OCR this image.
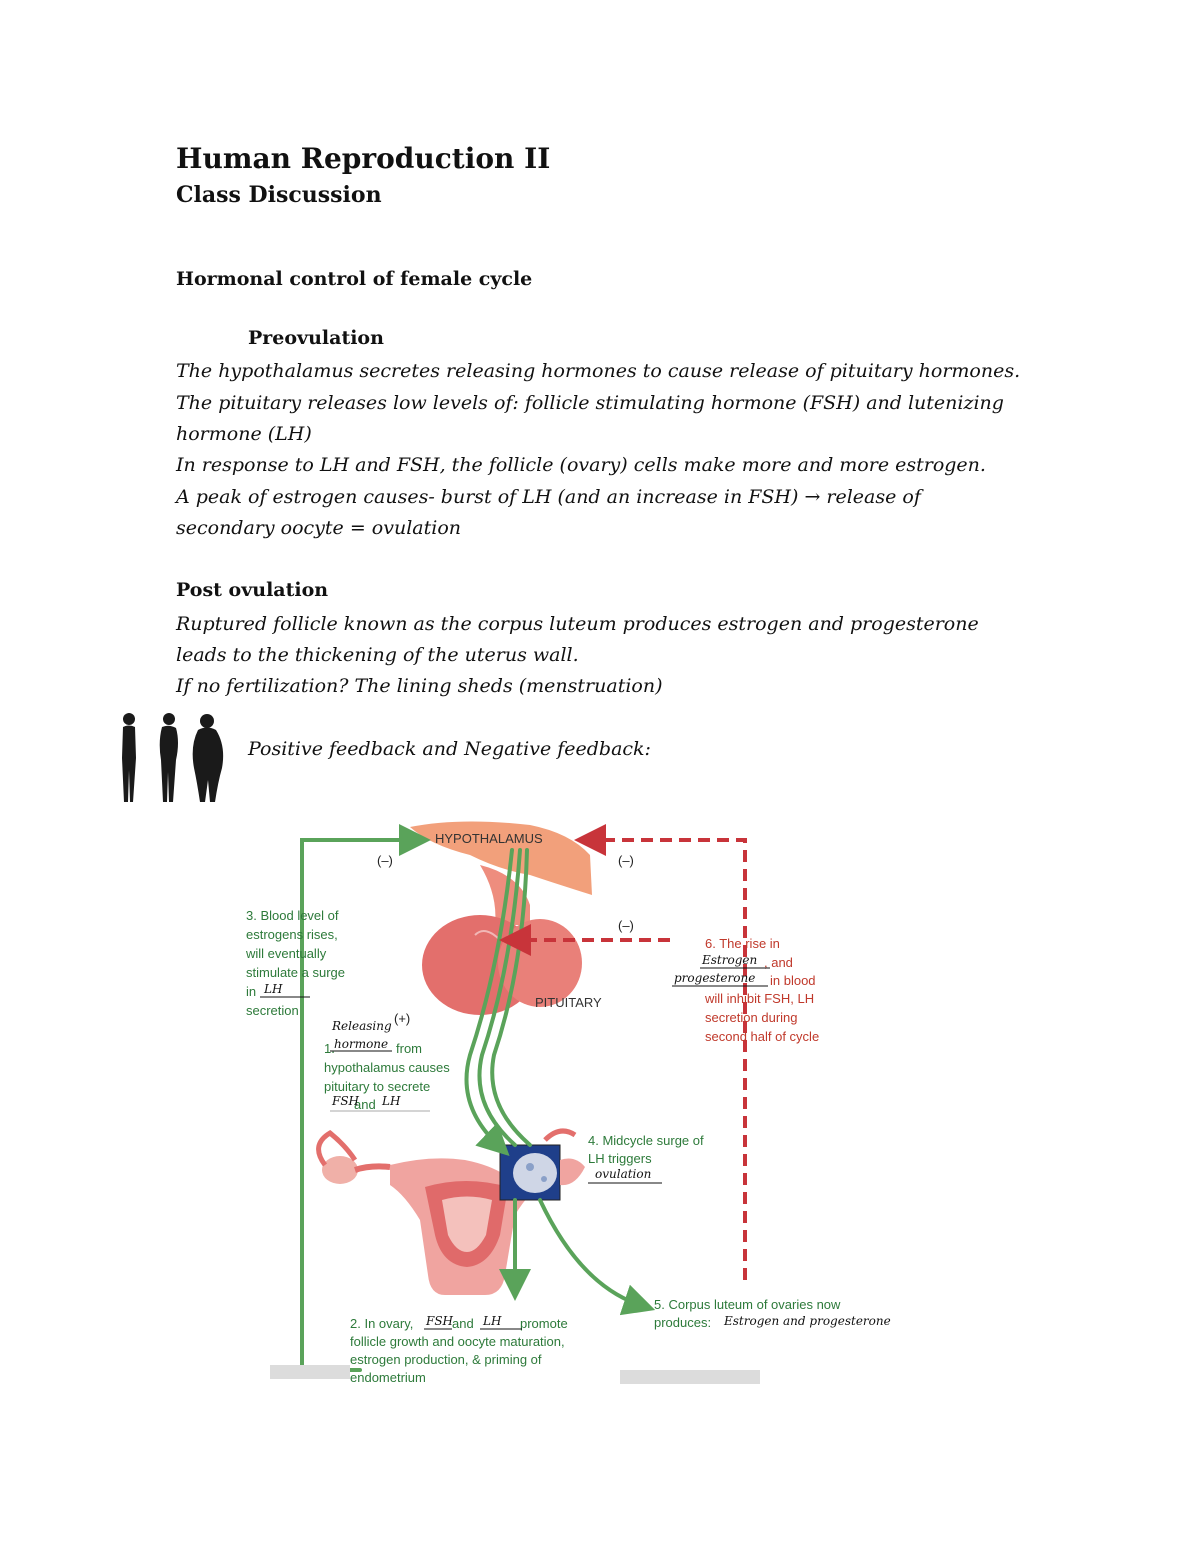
Human Reproduction II
Class Discussion
Hormonal control of female cycle
Preovulation
The hypothalamus secretes releasing hormones to cause release of pituitary hormones.
The pituitary releases low levels of: follicle stimulating hormone (FSH) and lutenizing
hormone (LH)
In response to LH and FSH, the follicle (ovary) cells make more and more estrogen.
A peak of estrogen causes- burst of LH (and an increase in FSH) → release of
secondary oocyte = ovulation
Post ovulation
Ruptured follicle known as the corpus luteum produces estrogen and progesterone
leads to the thickening of the uterus wall.
If no fertilization? The lining sheds (menstruation)
Positive feedback and Negative feedback:
HYPOTHALAMUS
PITUITARY
(–)	(–)
(–)
(+)
3. Blood level of
estrogens rises,
will eventually
stimulate a surge
in
secretion
LH
Releasing
1. hormone from
hypothalamus causes
pituitary to secrete
and
FSH LH
4. Midcycle surge of
LH triggers
ovulation
6. The rise in
, and
in blood
will inhibit FSH, LH
secretion during
second half of cycle
Estrogen
progesterone
2. In ovary,	and	promote
follicle growth and oocyte maturation,
estrogen production, & priming of
endometrium
FSH LH
5. Corpus luteum of ovaries now
produces: Estrogen and progesterone
